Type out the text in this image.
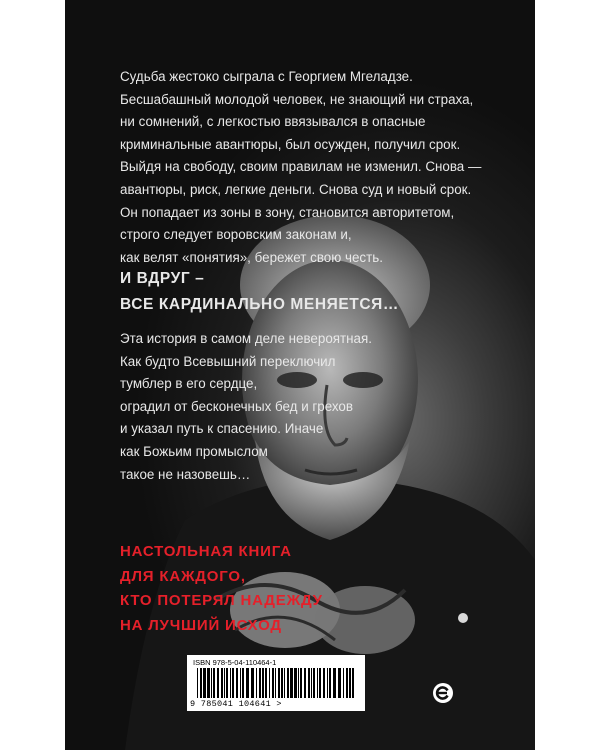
Судьба жестоко сыграла с Георгием Мгеладзе.
Бесшабашный молодой человек, не знающий ни страха,
ни сомнений, с легкостью ввязывался в опасные
криминальные авантюры, был осужден, получил срок.
Выйдя на свободу, своим правилам не изменил. Снова —
авантюры, риск, легкие деньги. Снова суд и новый срок.
Он попадает из зоны в зону, становится авторитетом,
строго следует воровским законам и,
как велят «понятия», бережет свою честь.
И ВДРУГ –
ВСЕ КАРДИНАЛЬНО МЕНЯЕТСЯ…
Эта история в самом деле невероятная.
Как будто Всевышний переключил
тумблер в его сердце,
оградил от бесконечных бед и грехов
и указал путь к спасению. Иначе
как Божьим промыслом
такое не назовешь…
НАСТОЛЬНАЯ КНИГА
ДЛЯ КАЖДОГО,
КТО ПОТЕРЯЛ НАДЕЖДУ
НА ЛУЧШИЙ ИСХОД
ISBN 978-5-04-110464-1
9 785041 104641 >
